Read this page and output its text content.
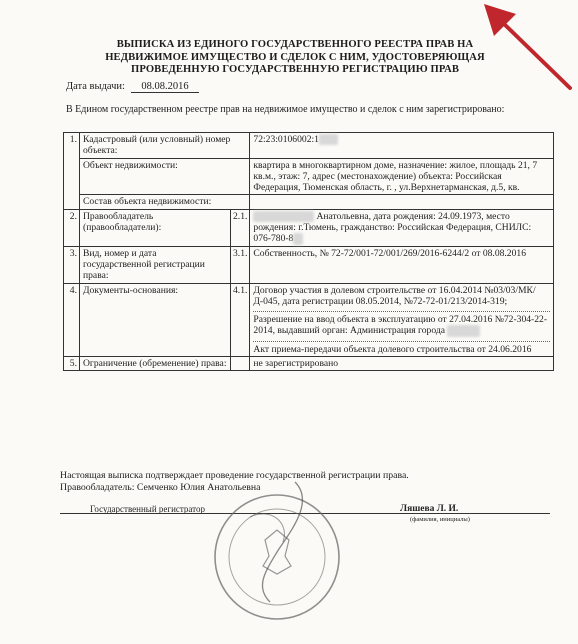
ВЫПИСКА ИЗ ЕДИНОГО ГОСУДАРСТВЕННОГО РЕЕСТРА ПРАВ НА
НЕДВИЖИМОЕ ИМУЩЕСТВО И СДЕЛОК С НИМ, УДОСТОВЕРЯЮЩАЯ
ПРОВЕДЕННУЮ ГОСУДАРСТВЕННУЮ РЕГИСТРАЦИЮ ПРАВ
Дата выдачи: 08.08.2016
В Едином государственном реестре прав на недвижимое имущество и сделок с ним зарегистрировано:
1.	Кадастровый (или условный) номер объекта:		72:23:0106002:10000
	Объект недвижимости:		квартира в многоквартирном доме, назначение: жилое, площадь 21, 7 кв.м., этаж: 7, адрес (местонахождение) объекта: Российская Федерация, Тюменская область, г. , ул.Верхнетарманская, д.5, кв.
	Состав объекта недвижимости:		
2.	Правообладатель (правообладатели):	2.1.	Иванова Юлия Анатольевна, дата рождения: 24.09.1973, место рождения: г.Тюмень, гражданство: Российская Федерация, СНИЛС: 076-780-800
3.	Вид, номер и дата государственной регистрации права:	3.1.	Собственность, № 72-72/001-72/001/269/2016-6244/2 от 08.08.2016
4.	Документы-основания:	4.1.	Договор участия в долевом строительстве от 16.04.2014 №03/03/МК/Д-045, дата регистрации 08.05.2014, №72-72-01/213/2014-319;
Разрешение на ввод объекта в эксплуатацию от 27.04.2016 №72-304-22-2014, выдавший орган: Администрация города Тюмени
Акт приема-передачи объекта долевого строительства от 24.06.2016

5.	Ограничение (обременение) права:		не зарегистрировано
Настоящая выписка подтверждает проведение государственной регистрации права.
Правообладатель: Семченко Юлия Анатольевна
Государственный регистратор	Ляшева Л. И.
(фамилия, инициалы)
